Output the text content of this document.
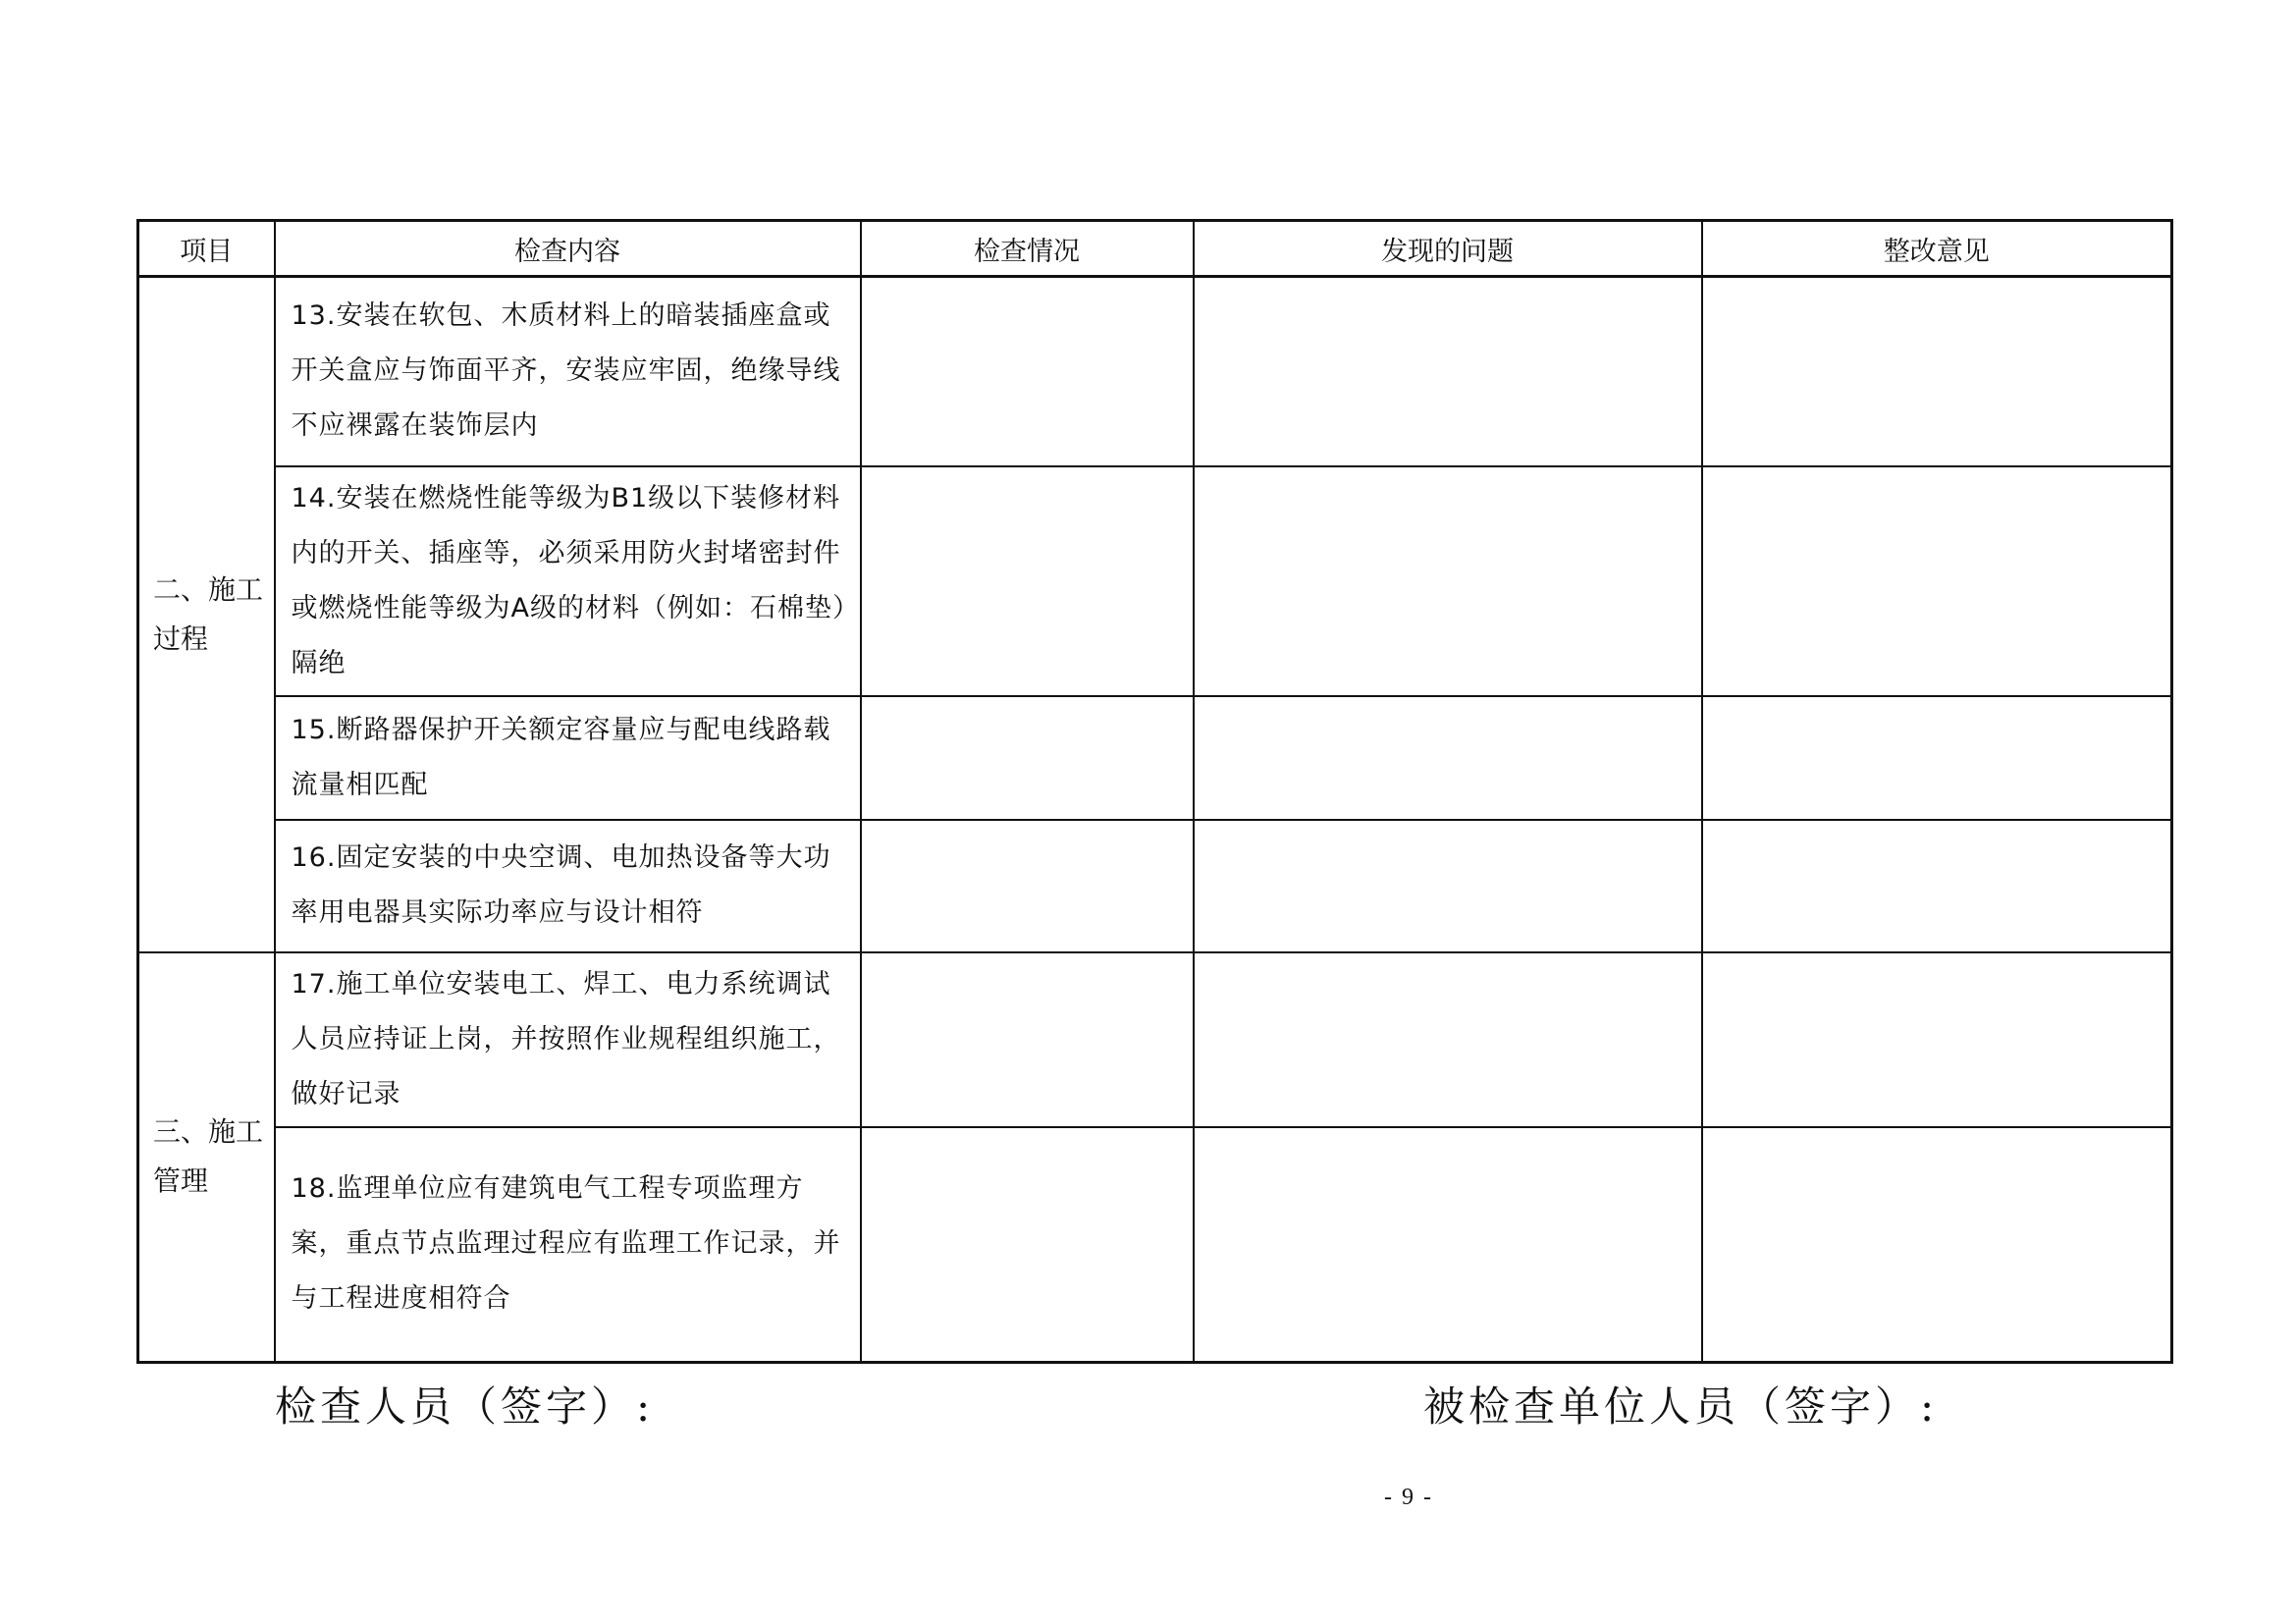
项目	检查内容	检查情况	发现的问题	整改意见
二、施工过程	13.安装在软包、木质材料上的暗装插座盒或开关盒应与饰面平齐，安装应牢固，绝缘导线不应裸露在装饰层内			
	14.安装在燃烧性能等级为B1级以下装修材料内的开关、插座等，必须采用防火封堵密封件或燃烧性能等级为A级的材料（例如：石棉垫）隔绝			
	15.断路器保护开关额定容量应与配电线路载流量相匹配			
	16.固定安装的中央空调、电加热设备等大功率用电器具实际功率应与设计相符			
三、施工管理	17.施工单位安装电工、焊工、电力系统调试人员应持证上岗，并按照作业规程组织施工，做好记录			
	18.监理单位应有建筑电气工程专项监理方案，重点节点监理过程应有监理工作记录，并与工程进度相符合			
检查人员（签字）:	被检查单位人员（签字）:
- 9 -
